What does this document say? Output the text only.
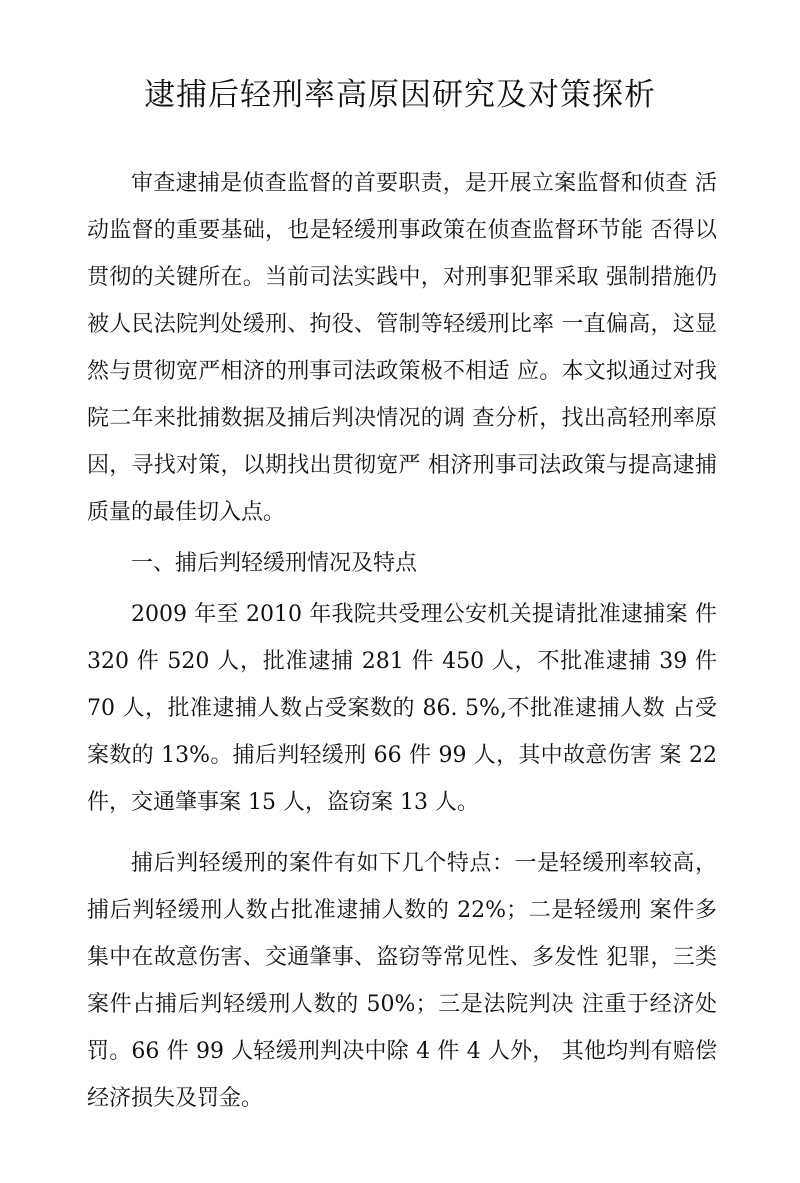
逮捕后轻刑率高原因研究及对策探析

审查逮捕是侦查监督的首要职责，是开展立案监督和侦查 活动监督的重要基础，也是轻缓刑事政策在侦查监督环节能 否得以贯彻的关键所在。当前司法实践中，对刑事犯罪采取 强制措施仍被人民法院判处缓刑、拘役、管制等轻缓刑比率 一直偏高，这显然与贯彻宽严相济的刑事司法政策极不相适 应。本文拟通过对我院二年来批捕数据及捕后判决情况的调 查分析，找出高轻刑率原因，寻找对策，以期找出贯彻宽严 相济刑事司法政策与提高逮捕质量的最佳切入点。

一、捕后判轻缓刑情况及特点

2009 年至 2010 年我院共受理公安机关提请批准逮捕案 件 320 件 520 人，批准逮捕 281 件 450 人，不批准逮捕 39 件 70 人，批准逮捕人数占受案数的 86. 5%,不批准逮捕人数 占受案数的 13%。捕后判轻缓刑 66 件 99 人，其中故意伤害 案 22 件，交通肇事案 15 人，盗窃案 13 人。

捕后判轻缓刑的案件有如下几个特点：一是轻缓刑率较高，捕后判轻缓刑人数占批准逮捕人数的 22%；二是轻缓刑 案件多集中在故意伤害、交通肇事、盗窃等常见性、多发性 犯罪，三类案件占捕后判轻缓刑人数的 50%；三是法院判决 注重于经济处罚。66 件 99 人轻缓刑判决中除 4 件 4 人外， 其他均判有赔偿经济损失及罚金。
